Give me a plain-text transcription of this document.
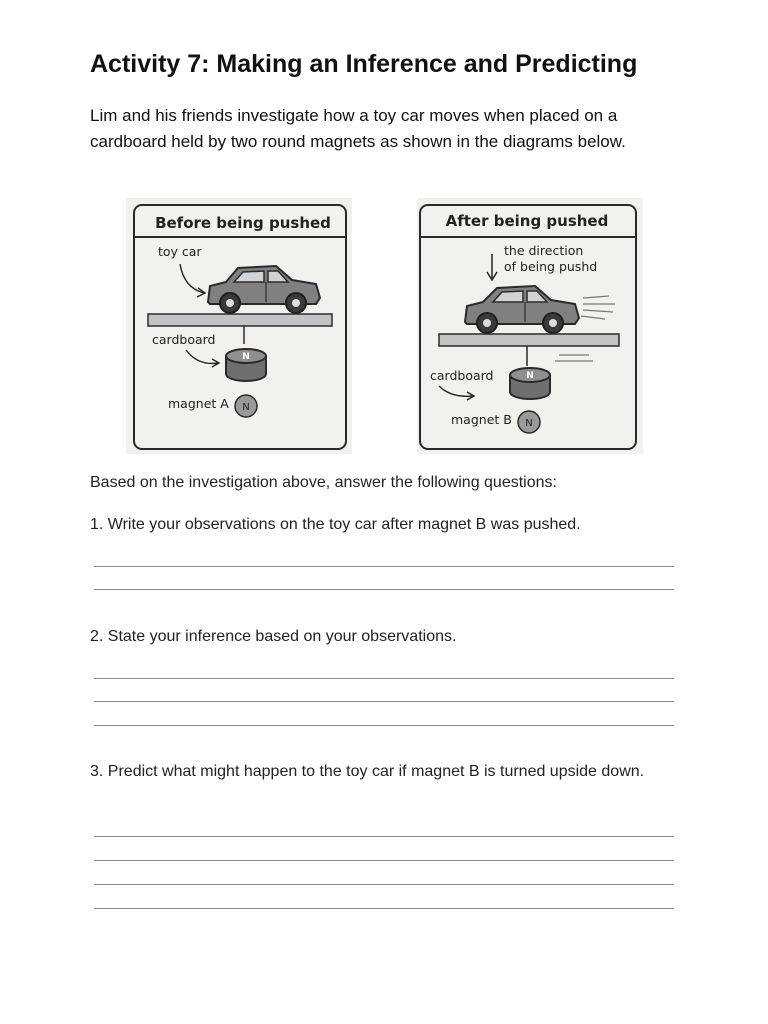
Activity 7: Making an Inference and Predicting
Lim and his friends investigate how a toy car moves when placed on a cardboard held by two round magnets as shown in the diagrams below.
Before being pushed
toy car
cardboard
N
magnet A N
After being pushed
the direction
of being pushd
cardboard	N
magnet B N
Based on the investigation above, answer the following questions:
1. Write your observations on the toy car after magnet B was pushed.
2. State your inference based on your observations.
3. Predict what might happen to the toy car if magnet B is turned upside down.
